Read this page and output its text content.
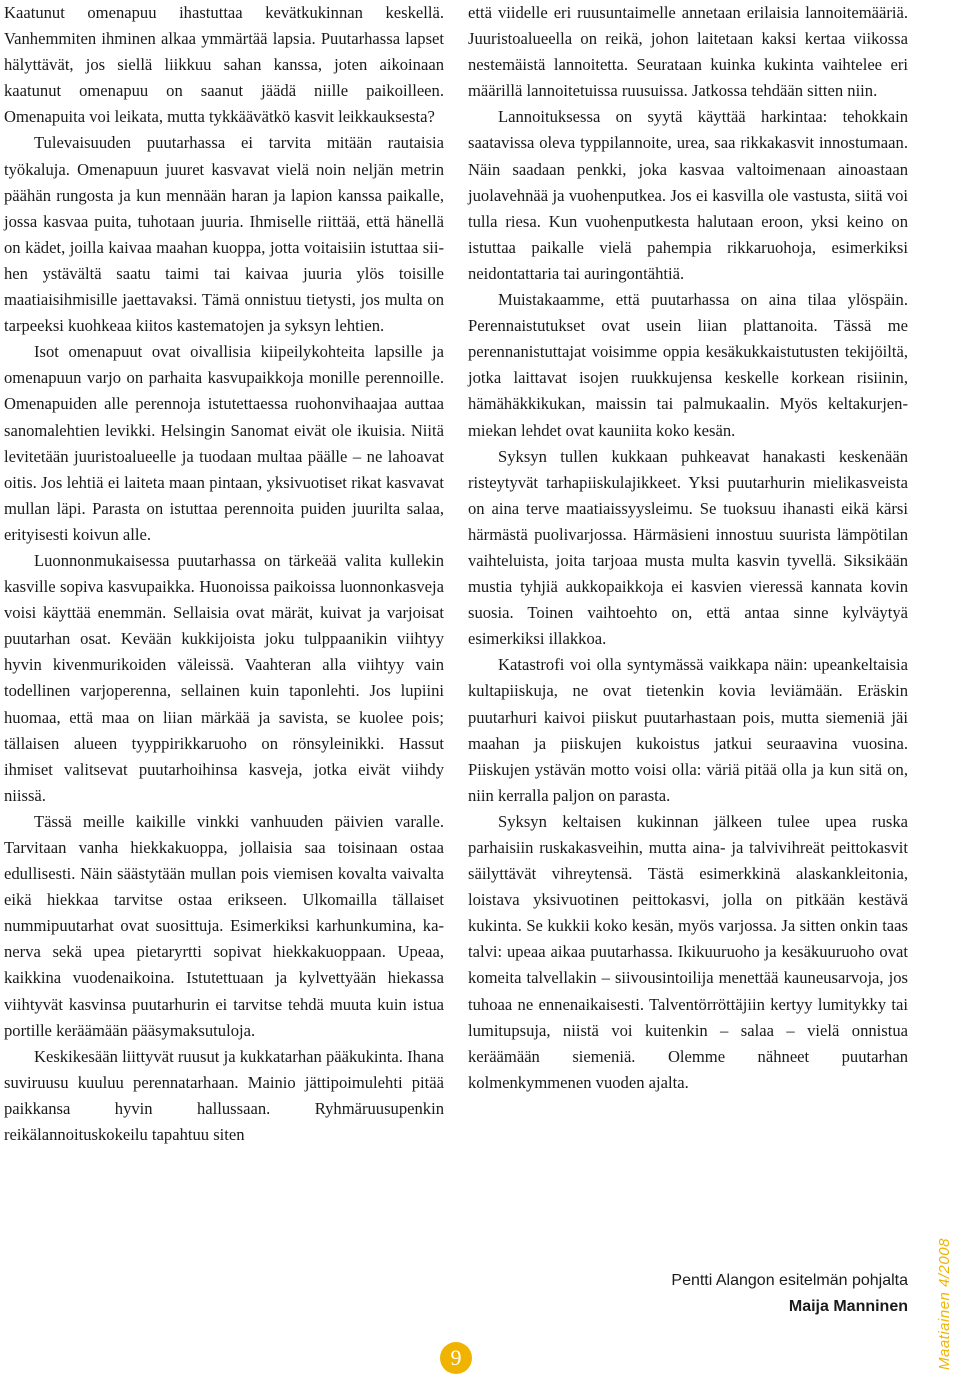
Kaatunut omenapuu ihastuttaa kevätkukinnan keskellä. Vanhemmiten ihminen alkaa ymmärtää lapsia. Puutarhassa lapset hälyttävät, jos siellä liikkuu sahan kanssa, joten aikoinaan kaatunut omenapuu on saanut jäädä niille paikoilleen. Omenapuita voi leikata, mutta tykkäävätkö kasvit leikkauksesta?

Tulevaisuuden puutarhassa ei tarvita mitään rautaisia työkaluja. Omenapuun juuret kasvavat vielä noin neljän metrin päähän rungosta ja kun mennään haran ja lapion kanssa paikalle, jossa kasvaa puita, tuhotaan juuria. Ihmiselle riittää, että hänellä on kädet, joilla kaivaa maahan kuoppa, jotta voitaisiin istuttaa siihen ystävältä saatu taimi tai kaivaa juuria ylös toisille maatiaisihmisille jaettavaksi. Tämä onnistuu tietysti, jos multa on tarpeeksi kuohkeaa kiitos kastematojen ja syksyn lehtien.

Isot omenapuut ovat oivallisia kiipeilykohteita lapsille ja omenapuun varjo on parhaita kasvupaikkoja monille perennoille. Omenapuiden alle perennoja istutettaessa ruohonvihaajaa auttaa sanomalehtien levikki. Helsingin Sanomat eivät ole ikuisia. Niitä levitetään juuristoalueelle ja tuodaan multaa päälle – ne lahoavat oitis. Jos lehtiä ei laiteta maan pintaan, yksivuotiset rikat kasvavat mullan läpi. Parasta on istuttaa perennoita puiden juurilta salaa, erityisesti koivun alle.

Luonnonmukaisessa puutarhassa on tärkeää valita kullekin kasville sopiva kasvupaikka. Huonoissa paikoissa luonnonkasveja voisi käyttää enemmän. Sellaisia ovat märät, kuivat ja varjoisat puutarhan osat. Kevään kukkijoista joku tulppaanikin viihtyy hyvin kivenmurikoiden väleissä. Vaahteran alla viihtyy vain todellinen varjoperenna, sellainen kuin taponlehti. Jos lupiini huomaa, että maa on liian märkää ja savista, se kuolee pois; tällaisen alueen tyyppirikkaruoho on rönsyleinikki. Hassut ihmiset valitsevat puutarhoihinsa kasveja, jotka eivät viihdy niissä.

Tässä meille kaikille vinkki vanhuuden päivien varalle. Tarvitaan vanha hiekkakuoppa, jollaisia saa toisinaan ostaa edullisesti. Näin säästytään mullan pois viemisen kovalta vaivalta eikä hiekkaa tarvitse ostaa erikseen. Ulkomailla tällaiset nummipuutarhat ovat suosittuja. Esimerkiksi karhunkumina, kanerva sekä upea pietaryrtti sopivat hiekkakuoppaan. Upeaa, kaikkina vuodenaikoina. Istutettuaan ja kylvettyään hiekassa viihtyvät kasvinsa puutarhurin ei tarvitse tehdä muuta kuin istua portille keräämään pääsymaksutuloja.

Keskikesään liittyvät ruusut ja kukkatarhan pääkukinta. Ihana suviruusu kuuluu perennatarhaan. Mainio jättipoimulehti pitää paikkansa hyvin hallussaan. Ryhmäruusupenkin reikälannoituskokeilu tapahtuu siten

että viidelle eri ruusuntaimelle annetaan erilaisia lannoitemääriä. Juuristoalueella on reikä, johon laitetaan kaksi kertaa viikossa nestemäistä lannoitetta. Seurataan kuinka kukinta vaihtelee eri määrillä lannoitetuissa ruusuissa. Jatkossa tehdään sitten niin.

Lannoituksessa on syytä käyttää harkintaa: tehokkain saatavissa oleva typpilannoite, urea, saa rikkakasvit innostumaan. Näin saadaan penkki, joka kasvaa valtoimenaan ainoastaan juolavehnää ja vuohenputkea. Jos ei kasvilla ole vastusta, siitä voi tulla riesa. Kun vuohenputkesta halutaan eroon, yksi keino on istuttaa paikalle vielä pahempia rikkaruohoja, esimerkiksi neidontattaria tai auringontähtiä.

Muistakaamme, että puutarhassa on aina tilaa ylöspäin. Perennaistutukset ovat usein liian plattanoita. Tässä me perennanistuttajat voisimme oppia kesäkukkaistutusten tekijöiltä, jotka laittavat isojen ruukkujensa keskelle korkean risiinin, hämähäkkikukan, maissin tai palmukaalin. Myös keltakurjenmiekan lehdet ovat kauniita koko kesän.

Syksyn tullen kukkaan puhkeavat hanakasti keskenään risteytyvät tarhapiiskulajikkeet. Yksi puutarhurin mielikasveista on aina terve maatiaissyysleimu. Se tuoksuu ihanasti eikä kärsi härmästä puolivarjossa. Härmäsieni innostuu suurista lämpötilan vaihteluista, joita tarjoaa musta multa kasvin tyvellä. Siksikään mustia tyhjiä aukkopaikkoja ei kasvien vieressä kannata kovin suosia. Toinen vaihtoehto on, että antaa sinne kylväytyä esimerkiksi illakkoa.

Katastrofi voi olla syntymässä vaikkapa näin: upeankeltaisia kultapiiskuja, ne ovat tietenkin kovia leviämään. Eräskin puutarhuri kaivoi piiskut puutarhastaan pois, mutta siemeniä jäi maahan ja piiskujen kukoistus jatkui seuraavina vuosina. Piiskujen ystävän motto voisi olla: väriä pitää olla ja kun sitä on, niin kerralla paljon on parasta.

Syksyn keltaisen kukinnan jälkeen tulee upea ruska parhaisiin ruskakasveihin, mutta aina- ja talvivihreät peittokasvit säilyttävät vihreytensä. Tästä esimerkkinä alaskankleitonia, loistava yksivuotinen peittokasvi, jolla on pitkään kestävä kukinta. Se kukkii koko kesän, myös varjossa. Ja sitten onkin taas talvi: upeaa aikaa puutarhassa. Ikikuuruoho ja kesäkuuruoho ovat komeita talvellakin – siivousintoilija menettää kauneusarvoja, jos tuhoaa ne ennenaikaisesti. Talventörröttäjiin kertyy lumitykky tai lumitupsuja, niistä voi kuitenkin – salaa – vielä onnistua keräämään siemeniä. Olemme nähneet puutarhan kolmenkymmenen vuoden ajalta.

Pentti Alangon esitelmän pohjalta
Maija Manninen
9	Maatiainen 4/2008
